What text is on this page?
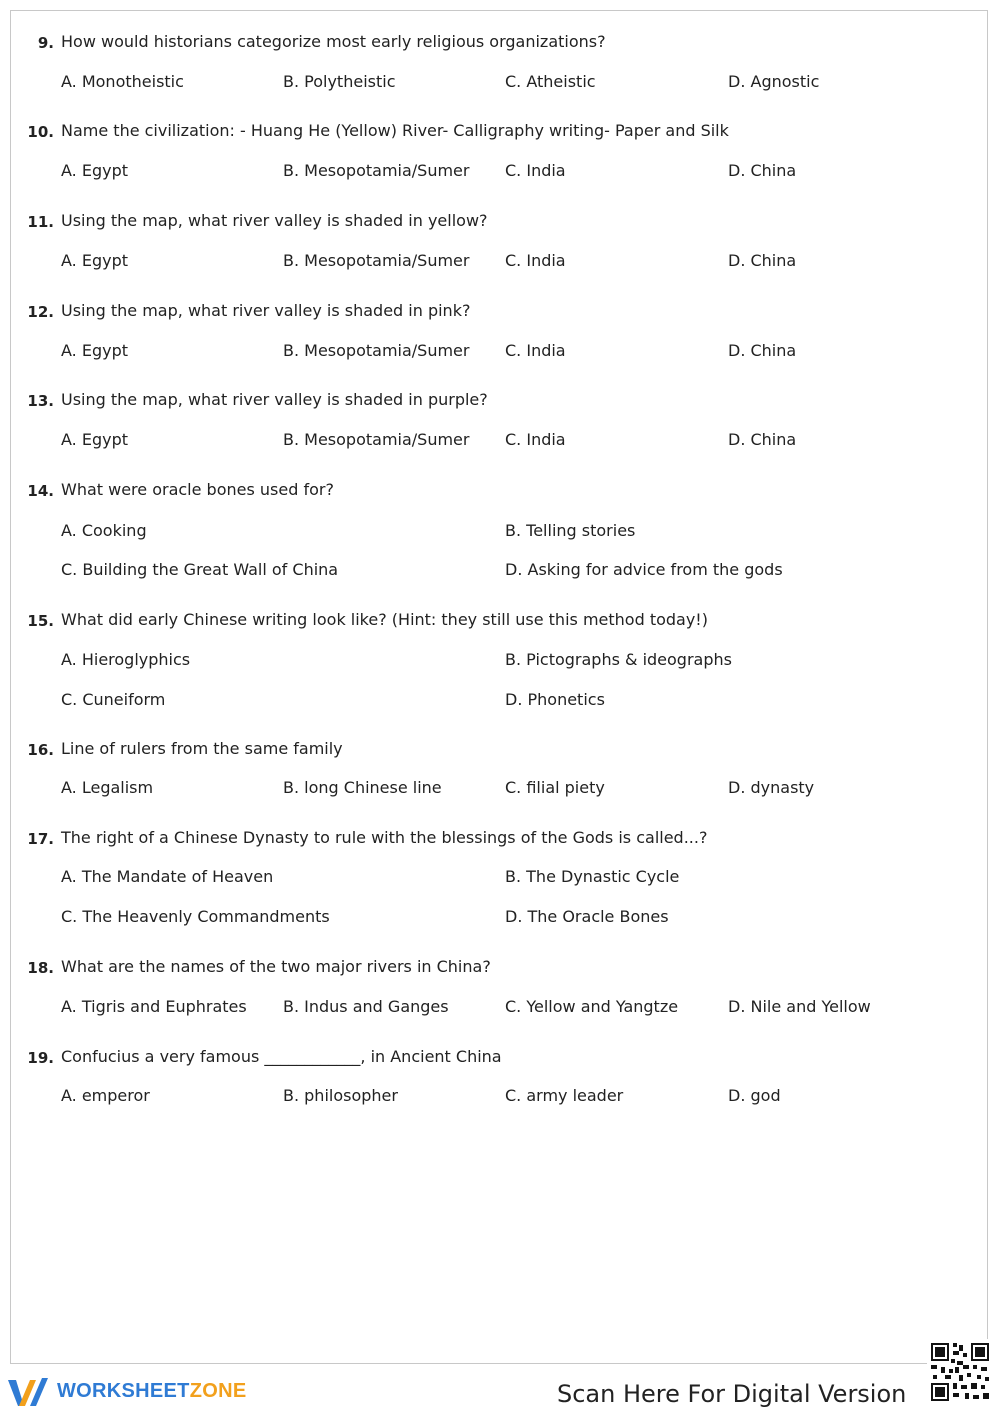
9. How would historians categorize most early religious organizations?
A. Monotheistic	B. Polytheistic	C. Atheistic	D. Agnostic
10. Name the civilization: - Huang He (Yellow) River- Calligraphy writing- Paper and Silk
A. Egypt	B. Mesopotamia/Sumer C. India	D. China
11. Using the map, what river valley is shaded in yellow?
A. Egypt	B. Mesopotamia/Sumer C. India	D. China
12. Using the map, what river valley is shaded in pink?
A. Egypt	B. Mesopotamia/Sumer C. India	D. China
13. Using the map, what river valley is shaded in purple?
A. Egypt	B. Mesopotamia/Sumer C. India	D. China
14. What were oracle bones used for?
A. Cooking	B. Telling stories
C. Building the Great Wall of China	D. Asking for advice from the gods
15. What did early Chinese writing look like? (Hint: they still use this method today!)
A. Hieroglyphics	B. Pictographs & ideographs
C. Cuneiform	D. Phonetics
16. Line of rulers from the same family
A. Legalism	B. long Chinese line	C. filial piety	D. dynasty
17. The right of a Chinese Dynasty to rule with the blessings of the Gods is called...?
A. The Mandate of Heaven	B. The Dynastic Cycle
C. The Heavenly Commandments	D. The Oracle Bones
18. What are the names of the two major rivers in China?
A. Tigris and Euphrates B. Indus and Ganges	C. Yellow and Yangtze	D. Nile and Yellow
19. Confucius a very famous ____________, in Ancient China
A. emperor	B. philosopher	C. army leader	D. god
WORKSHEETZONE	Scan Here For Digital Version
